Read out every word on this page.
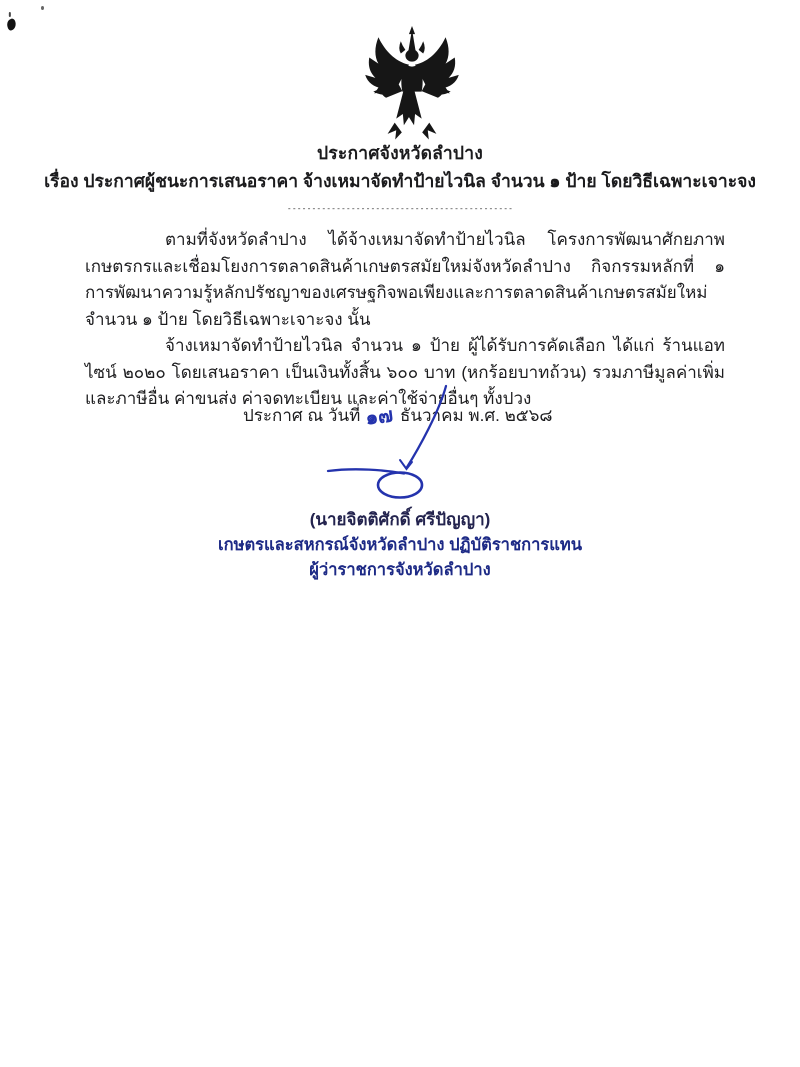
ประกาศจังหวัดลำปาง
เรื่อง ประกาศผู้ชนะการเสนอราคา จ้างเหมาจัดทำป้ายไวนิล จำนวน ๑ ป้าย โดยวิธีเฉพาะเจาะจง
----------------------------------------------

ตามที่จังหวัดลำปาง ได้จ้างเหมาจัดทำป้ายไวนิล โครงการพัฒนาศักยภาพเกษตรกรและเชื่อมโยงการตลาดสินค้าเกษตรสมัยใหม่จังหวัดลำปาง กิจกรรมหลักที่ ๑ การพัฒนาความรู้หลักปรัชญาของเศรษฐกิจพอเพียงและการตลาดสินค้าเกษตรสมัยใหม่ จำนวน ๑ ป้าย โดยวิธีเฉพาะเจาะจง นั้น

จ้างเหมาจัดทำป้ายไวนิล จำนวน ๑ ป้าย ผู้ได้รับการคัดเลือก ได้แก่ ร้านแอทไซน์ ๒๐๒๐ โดยเสนอราคา เป็นเงินทั้งสิ้น ๖๐๐ บาท (หกร้อยบาทถ้วน) รวมภาษีมูลค่าเพิ่มและภาษีอื่น ค่าขนส่ง ค่าจดทะเบียน และค่าใช้จ่ายอื่นๆ ทั้งปวง

ประกาศ ณ วันที่ ๑๗ ธันวาคม พ.ศ. ๒๕๖๘
(นายจิตติศักดิ์ ศรีปัญญา)
เกษตรและสหกรณ์จังหวัดลำปาง ปฏิบัติราชการแทน
ผู้ว่าราชการจังหวัดลำปาง
